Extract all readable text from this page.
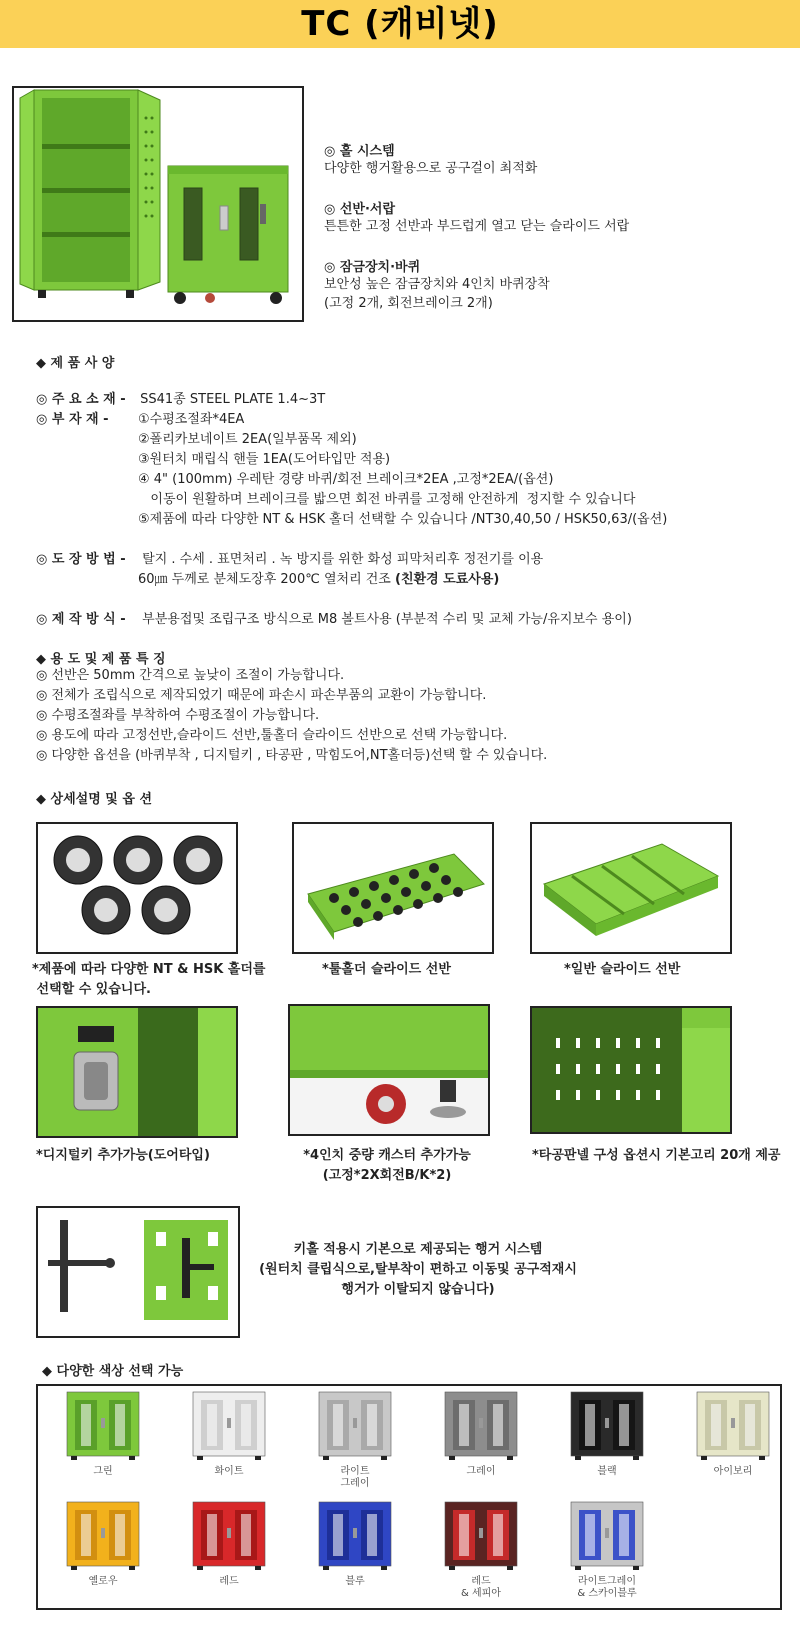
TC (캐비넷)
◎ 홀 시스템
다양한 행거활용으로 공구걸이 최적화
◎ 선반·서랍
튼튼한 고정 선반과 부드럽게 열고 닫는 슬라이드 서랍
◎ 잠금장치·바퀴
보안성 높은 잠금장치와 4인치 바퀴장착
(고정 2개, 회전브레이크 2개)
◆ 제 품 사 양
◎ 주 요 소 재 - SS41종 STEEL PLATE 1.4~3T
◎ 부 자 재 -	①수평조절좌*4EA
②폴리카보네이트 2EA(일부품목 제외)
③원터치 매립식 핸들 1EA(도어타입만 적용)
④ 4" (100mm) 우레탄 경량 바퀴/회전 브레이크*2EA ,고정*2EA/(옵션)
이동이 원활하며 브레이크를 밟으면 회전 바퀴를 고정해 안전하게  정지할 수 있습니다
⑤제품에 따라 다양한 NT & HSK 홀더 선택할 수 있습니다 /NT30,40,50 / HSK50,63/(옵션)
◎ 도 장 방 법 - 탈지 . 수세 . 표면처리 . 녹 방지를 위한 화성 피막처리후 정전기를 이용
60㎛ 두께로 분체도장후 200℃ 열처리 건조 (친환경 도료사용)
◎ 제 작 방 식 - 부분용접및 조립구조 방식으로 M8 볼트사용 (부분적 수리 및 교체 가능/유지보수 용이)
◆ 용 도 및 제 품 특 징
◎ 선반은 50mm 간격으로 높낮이 조절이 가능합니다.
◎ 전체가 조립식으로 제작되었기 때문에 파손시 파손부품의 교환이 가능합니다.
◎ 수평조절좌를 부착하여 수평조절이 가능합니다.
◎ 용도에 따라 고정선반,슬라이드 선반,툴홀더 슬라이드 선반으로 선택 가능합니다.
◎ 다양한 옵션을 (바퀴부착 , 디지털키 , 타공판 , 막힘도어,NT홀더등)선택 할 수 있습니다.
◆ 상세설명 및 옵 션
*제품에 따라 다양한 NT & HSK 홀더를
선택할 수 있습니다.
*툴홀더 슬라이드 선반	*일반 슬라이드 선반
*디지털키 추가가능(도어타입)	*4인치 중량 캐스터 추가가능
(고정*2X회전B/K*2)
*타공판넬 구성 옵션시 기본고리 20개 제공
키홀 적용시 기본으로 제공되는 행거 시스템
(원터치 클립식으로,탈부착이 편하고 이동및 공구적재시
행거가 이탈되지 않습니다)
◆ 다양한 색상 선택 가능
그린	화이트	라이트
그레이
그레이	블랙	아이보리
옐로우	레드	블루	레드
& 세피아
라이트그레이
& 스카이블루
